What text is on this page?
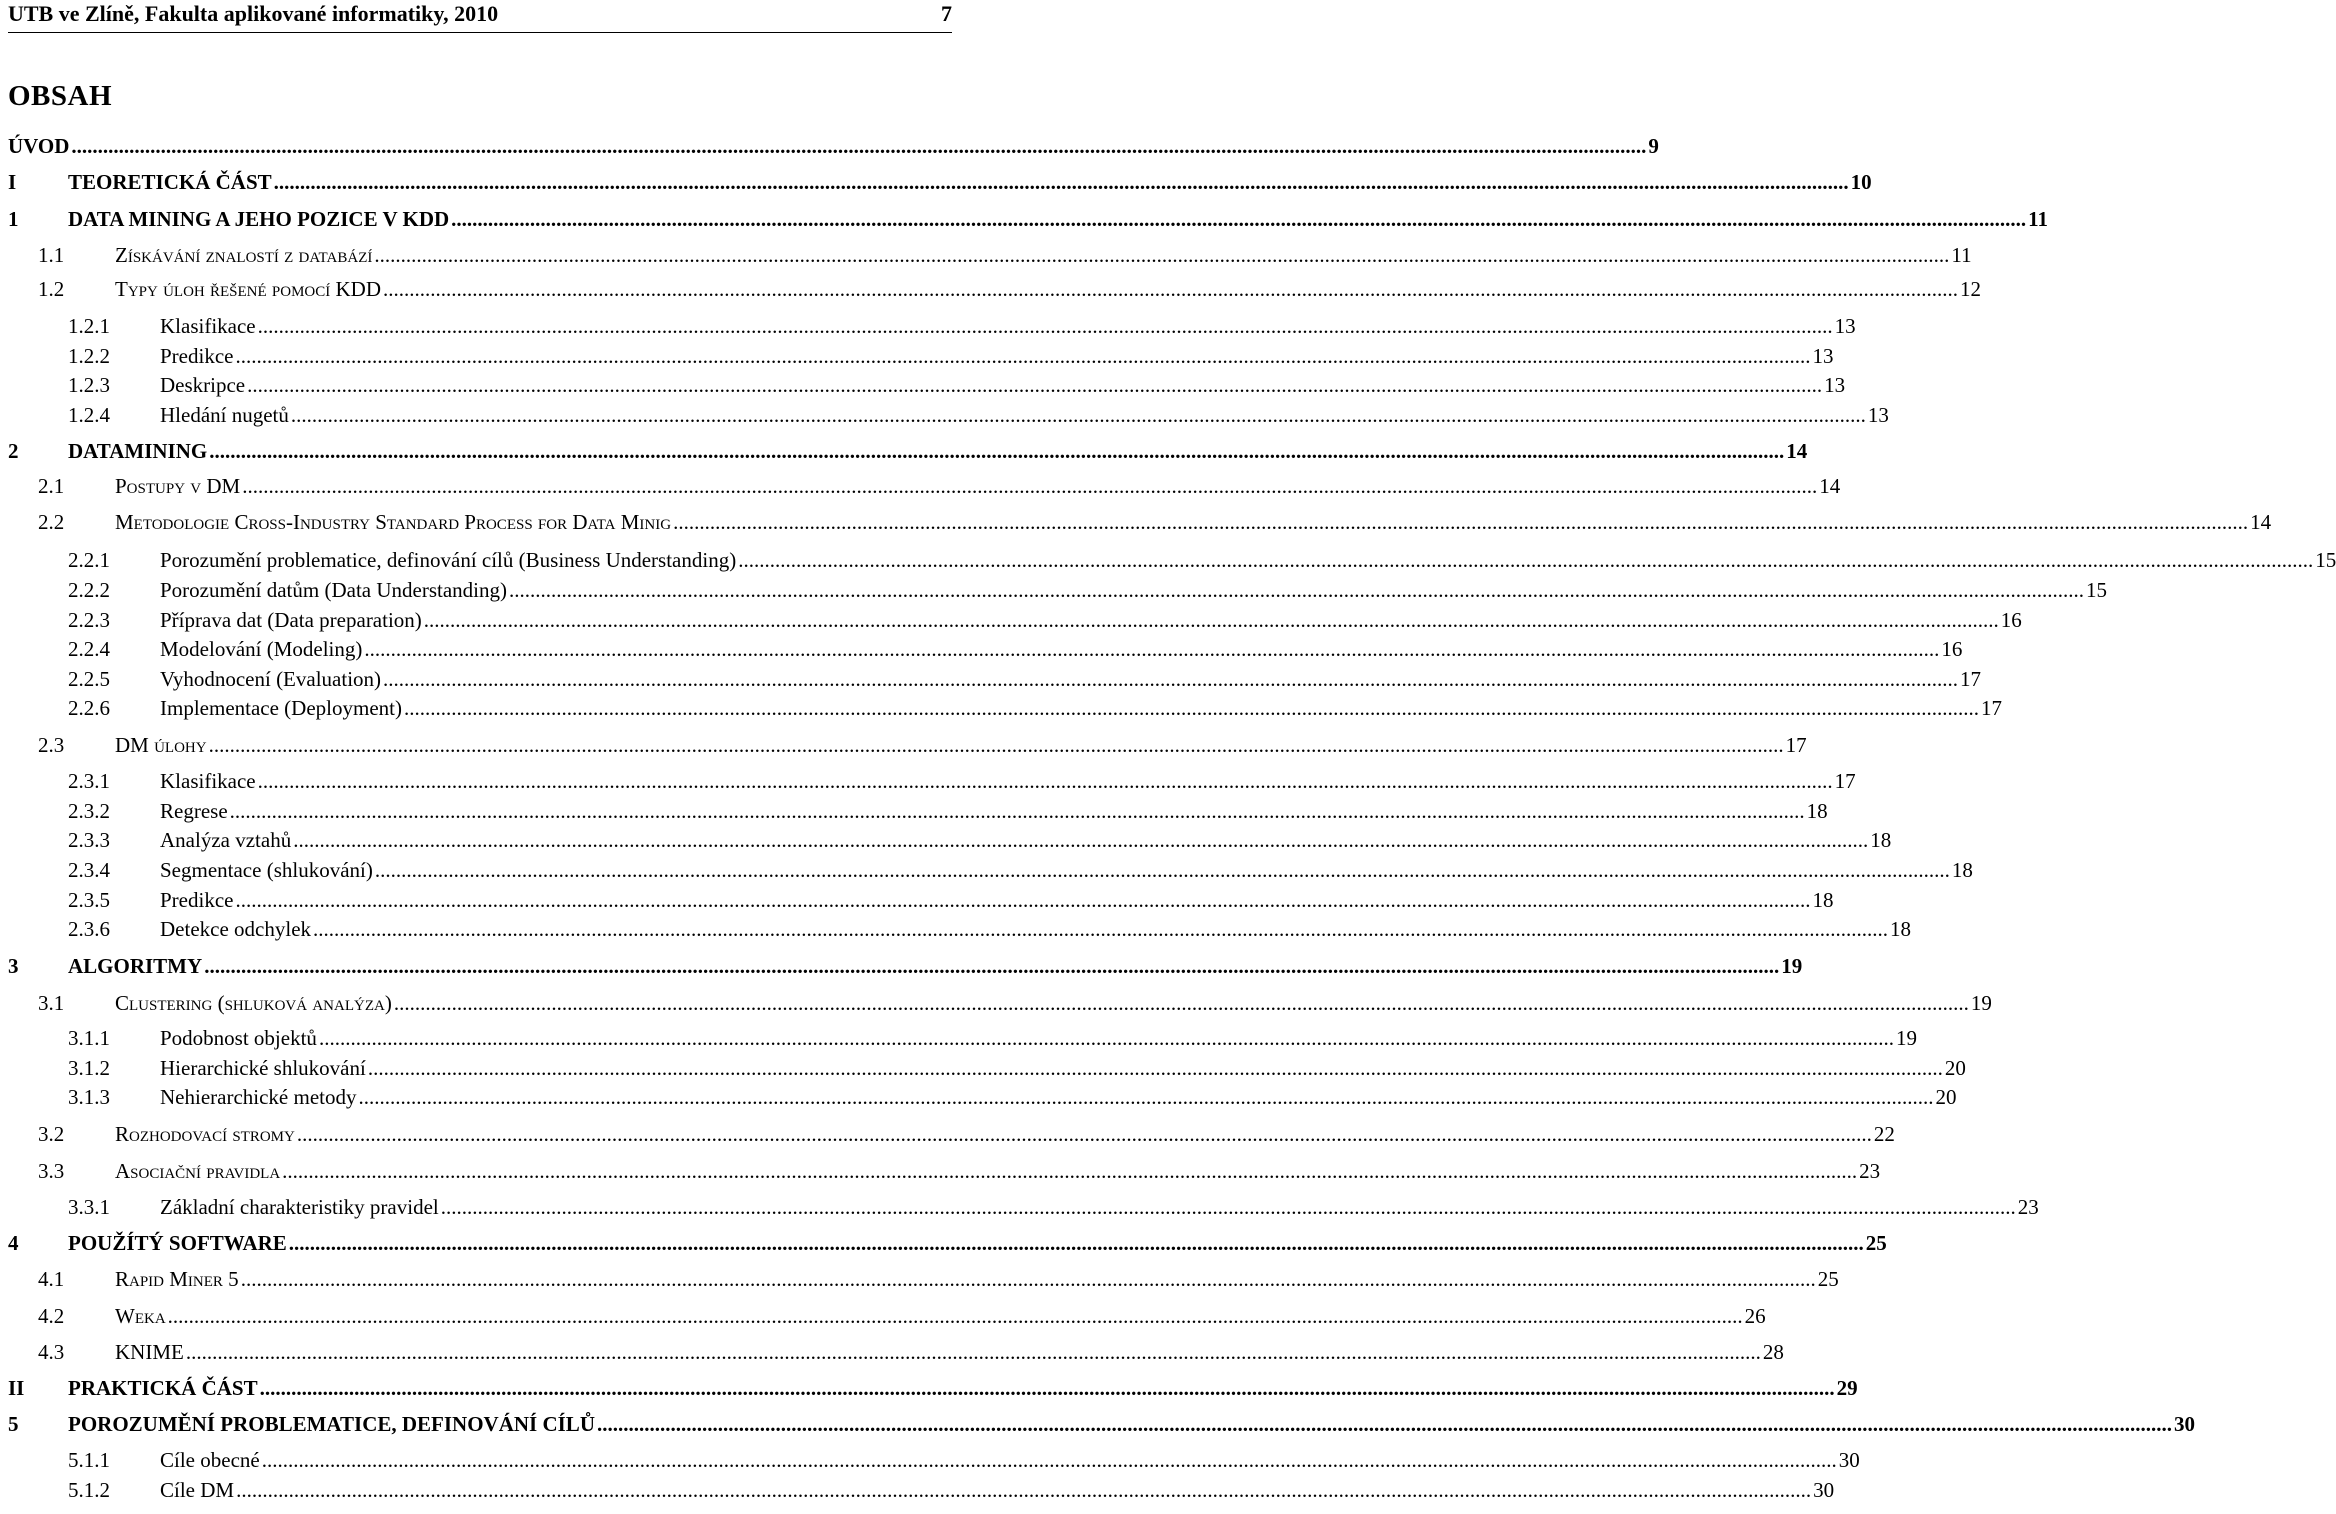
UTB ve Zlíně, Fakulta aplikované informatiky, 2010	7
OBSAH
ÚVOD ............................................................................................................................................................................................................................................................................................................ 9
I TEORETICKÁ ČÁST ............................................................................................................................................................................................................................................................................................................ 10
1 DATA MINING A JEHO POZICE V KDD ............................................................................................................................................................................................................................................................................................................ 11
1.1 Získávání znalostí z databází ............................................................................................................................................................................................................................................................................................................ 11
1.2 Typy úloh řešené pomocí KDD ............................................................................................................................................................................................................................................................................................................ 12
1.2.1 Klasifikace ............................................................................................................................................................................................................................................................................................................ 13
1.2.2 Predikce ............................................................................................................................................................................................................................................................................................................ 13
1.2.3 Deskripce ............................................................................................................................................................................................................................................................................................................ 13
1.2.4 Hledání nugetů ............................................................................................................................................................................................................................................................................................................ 13
2 DATAMINING ............................................................................................................................................................................................................................................................................................................ 14
2.1 Postupy v DM ............................................................................................................................................................................................................................................................................................................ 14
2.2 Metodologie Cross-Industry Standard Process for Data Minig ............................................................................................................................................................................................................................................................................................................ 14
2.2.1 Porozumění problematice, definování cílů (Business Understanding) ............................................................................................................................................................................................................................................................................................................ 15
2.2.2 Porozumění datům (Data Understanding) ............................................................................................................................................................................................................................................................................................................ 15
2.2.3 Příprava dat (Data preparation) ............................................................................................................................................................................................................................................................................................................ 16
2.2.4 Modelování (Modeling) ............................................................................................................................................................................................................................................................................................................ 16
2.2.5 Vyhodnocení (Evaluation) ............................................................................................................................................................................................................................................................................................................ 17
2.2.6 Implementace (Deployment) ............................................................................................................................................................................................................................................................................................................ 17
2.3 DM úlohy ............................................................................................................................................................................................................................................................................................................ 17
2.3.1 Klasifikace ............................................................................................................................................................................................................................................................................................................ 17
2.3.2 Regrese ............................................................................................................................................................................................................................................................................................................ 18
2.3.3 Analýza vztahů ............................................................................................................................................................................................................................................................................................................ 18
2.3.4 Segmentace (shlukování) ............................................................................................................................................................................................................................................................................................................ 18
2.3.5 Predikce ............................................................................................................................................................................................................................................................................................................ 18
2.3.6 Detekce odchylek ............................................................................................................................................................................................................................................................................................................ 18
3 ALGORITMY ............................................................................................................................................................................................................................................................................................................ 19
3.1 Clustering (shluková analýza) ............................................................................................................................................................................................................................................................................................................ 19
3.1.1 Podobnost objektů ............................................................................................................................................................................................................................................................................................................ 19
3.1.2 Hierarchické shlukování ............................................................................................................................................................................................................................................................................................................ 20
3.1.3 Nehierarchické metody ............................................................................................................................................................................................................................................................................................................ 20
3.2 Rozhodovací stromy ............................................................................................................................................................................................................................................................................................................ 22
3.3 Asociační pravidla ............................................................................................................................................................................................................................................................................................................ 23
3.3.1 Základní charakteristiky pravidel ............................................................................................................................................................................................................................................................................................................ 23
4 POUŽÍTÝ SOFTWARE ............................................................................................................................................................................................................................................................................................................ 25
4.1 Rapid Miner 5 ............................................................................................................................................................................................................................................................................................................ 25
4.2 Weka ............................................................................................................................................................................................................................................................................................................ 26
4.3 KNIME ............................................................................................................................................................................................................................................................................................................ 28
II PRAKTICKÁ ČÁST ............................................................................................................................................................................................................................................................................................................ 29
5 POROZUMĚNÍ PROBLEMATICE, DEFINOVÁNÍ CÍLŮ ............................................................................................................................................................................................................................................................................................................ 30
5.1.1 Cíle obecné ............................................................................................................................................................................................................................................................................................................ 30
5.1.2 Cíle DM ............................................................................................................................................................................................................................................................................................................ 30
